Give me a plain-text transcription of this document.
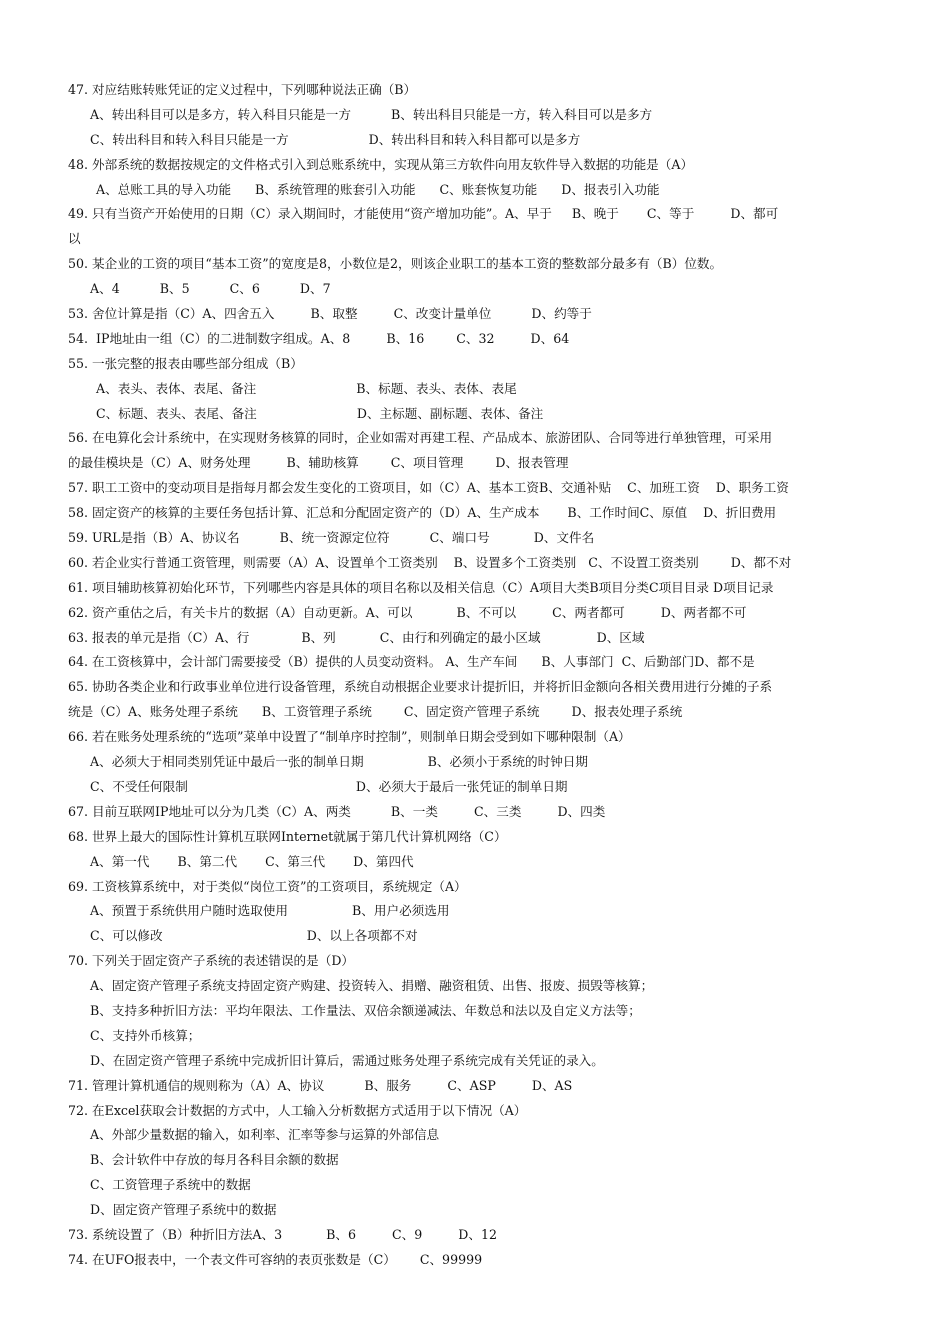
47. 对应结账转账凭证的定义过程中，下列哪种说法正确（B）
A、转出科目可以是多方，转入科目只能是一方          B、转出科目只能是一方，转入科目可以是多方
C、转出科目和转入科目只能是一方                    D、转出科目和转入科目都可以是多方
48. 外部系统的数据按规定的文件格式引入到总账系统中，实现从第三方软件向用友软件导入数据的功能是（A）
A、总账工具的导入功能      B、系统管理的账套引入功能      C、账套恢复功能      D、报表引入功能
49. 只有当资产开始使用的日期（C）录入期间时，才能使用“资产增加功能”。A、早于     B、晚于       C、等于         D、都可
以
50. 某企业的工资的项目“基本工资”的宽度是8，小数位是2，则该企业职工的基本工资的整数部分最多有（B）位数。
A、4          B、5          C、6          D、7
53. 舍位计算是指（C）A、四舍五入         B、取整         C、改变计量单位          D、约等于
54.  IP地址由一组（C）的二进制数字组成。A、8         B、16        C、32         D、64
55. 一张完整的报表由哪些部分组成（B）
A、表头、表体、表尾、备注                         B、标题、表头、表体、表尾
C、标题、表头、表尾、备注                         D、主标题、副标题、表体、备注
56. 在电算化会计系统中，在实现财务核算的同时，企业如需对再建工程、产品成本、旅游团队、合同等进行单独管理，可采用
的最佳模块是（C）A、财务处理         B、辅助核算        C、项目管理        D、报表管理
57. 职工工资中的变动项目是指每月都会发生变化的工资项目，如（C）A、基本工资B、交通补贴    C、加班工资    D、职务工资
58. 固定资产的核算的主要任务包括计算、汇总和分配固定资产的（D）A、生产成本       B、工作时间C、原值    D、折旧费用
59. URL是指（B）A、协议名          B、统一资源定位符          C、端口号           D、文件名
60. 若企业实行普通工资管理，则需要（A）A、设置单个工资类别    B、设置多个工资类别   C、不设置工资类别        D、都不对
61. 项目辅助核算初始化环节，下列哪些内容是具体的项目名称以及相关信息（C）A项目大类B项目分类C项目目录 D项目记录
62. 资产重估之后，有关卡片的数据（A）自动更新。A、可以           B、不可以         C、两者都可         D、两者都不可
63. 报表的单元是指（C）A、行             B、列           C、由行和列确定的最小区域              D、区域
64. 在工资核算中，会计部门需要接受（B）提供的人员变动资料。 A、生产车间      B、人事部门  C、后勤部门D、都不是
65. 协助各类企业和行政事业单位进行设备管理，系统自动根据企业要求计提折旧，并将折旧金额向各相关费用进行分摊的子系
统是（C）A、账务处理子系统      B、工资管理子系统        C、固定资产管理子系统        D、报表处理子系统
66. 若在账务处理系统的“选项”菜单中设置了“制单序时控制”，则制单日期会受到如下哪种限制（A）
A、必须大于相同类别凭证中最后一张的制单日期                B、必须小于系统的时钟日期
C、不受任何限制                                          D、必须大于最后一张凭证的制单日期
67. 目前互联网IP地址可以分为几类（C）A、两类          B、一类         C、三类         D、四类
68. 世界上最大的国际性计算机互联网Internet就属于第几代计算机网络（C）
A、第一代       B、第二代       C、第三代       D、第四代
69. 工资核算系统中，对于类似“岗位工资”的工资项目，系统规定（A）
A、预置于系统供用户随时选取使用                B、用户必须选用
C、可以修改                                    D、以上各项都不对
70. 下列关于固定资产子系统的表述错误的是（D）
A、固定资产管理子系统支持固定资产购建、投资转入、捐赠、融资租赁、出售、报废、损毁等核算；
B、支持多种折旧方法：平均年限法、工作量法、双倍余额递减法、年数总和法以及自定义方法等；
C、支持外币核算；
D、在固定资产管理子系统中完成折旧计算后，需通过账务处理子系统完成有关凭证的录入。
71. 管理计算机通信的规则称为（A）A、协议          B、服务         C、ASP         D、AS
72. 在Excel获取会计数据的方式中，人工输入分析数据方式适用于以下情况（A）
A、外部少量数据的输入，如利率、汇率等参与运算的外部信息
B、会计软件中存放的每月各科目余额的数据
C、工资管理子系统中的数据
D、固定资产管理子系统中的数据
73. 系统设置了（B）种折旧方法A、3           B、6         C、9         D、12
74. 在UFO报表中，一个表文件可容纳的表页张数是（C）      C、99999
